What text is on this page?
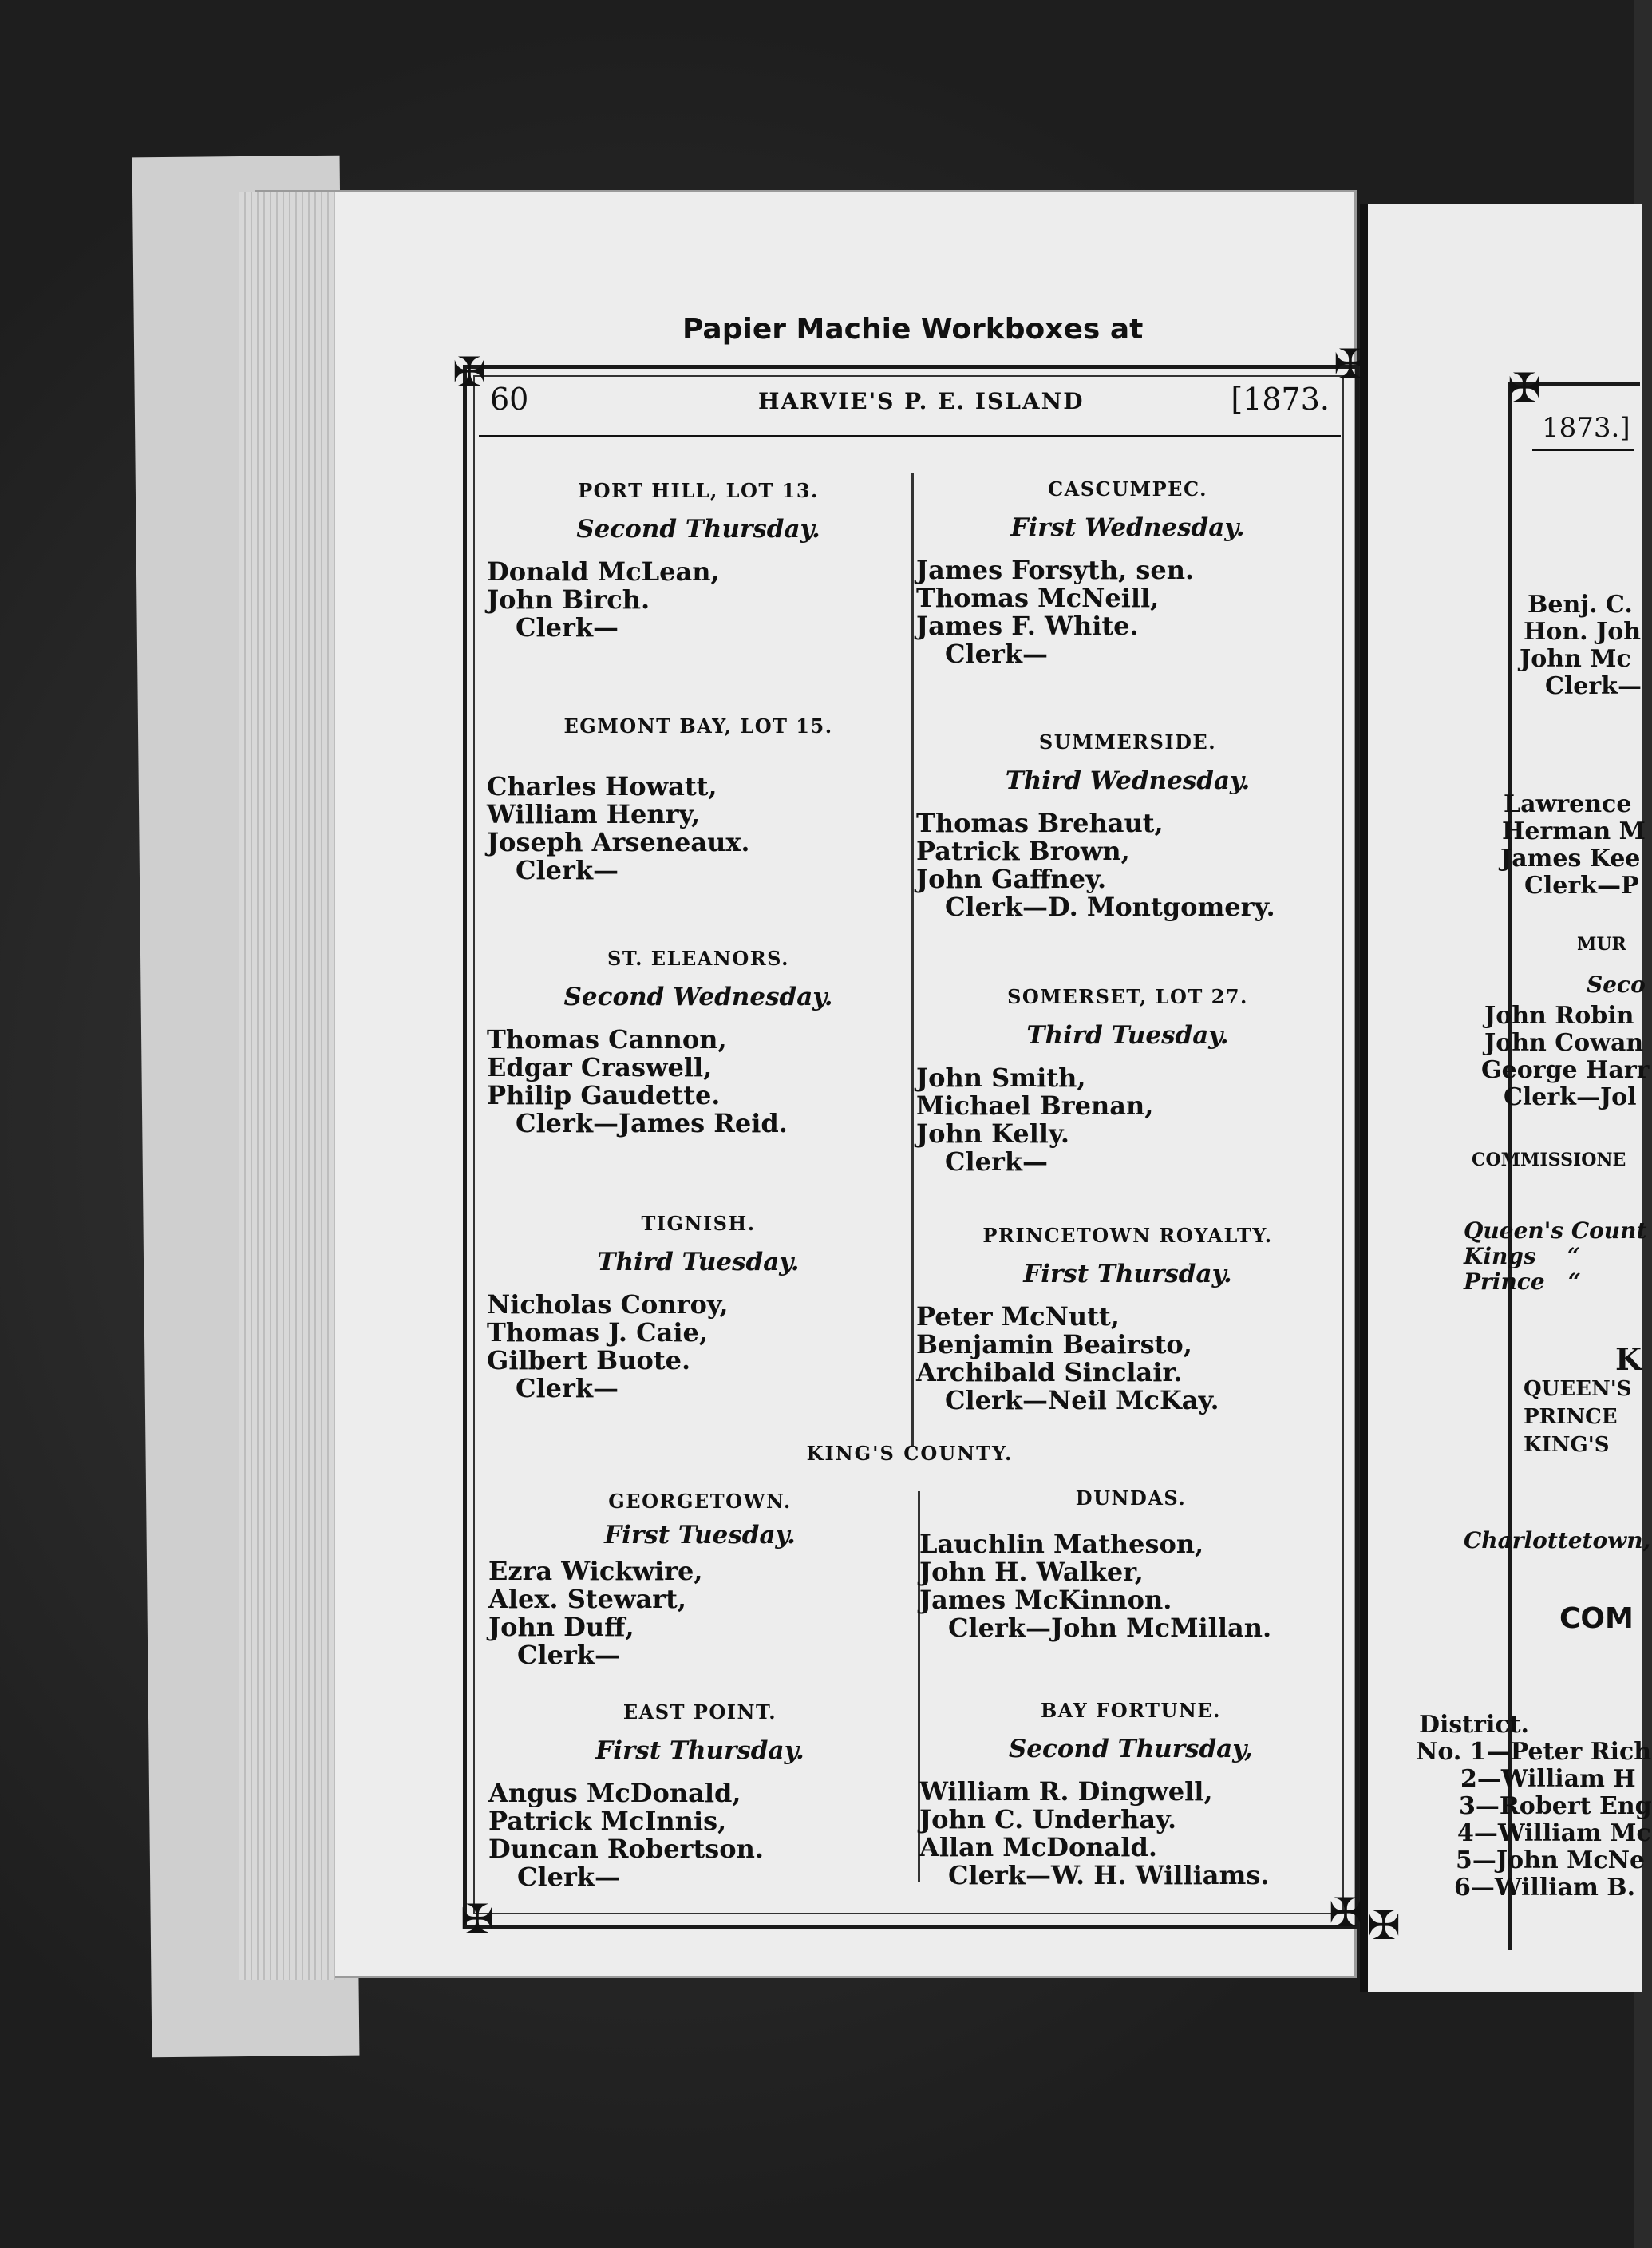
Papier Machie Workboxes at
✠	✠
✠	✠
60	HARVIE'S P. E. ISLAND	[1873.
PORT HILL, LOT 13.
Second Thursday.
Donald McLean,
John Birch.
Clerk—
EGMONT BAY, LOT 15.
Charles Howatt,
William Henry,
Joseph Arseneaux.
Clerk—
ST. ELEANORS.
Second Wednesday.
Thomas Cannon,
Edgar Craswell,
Philip Gaudette.
Clerk—James Reid.
TIGNISH.
Third Tuesday.
Nicholas Conroy,
Thomas J. Caie,
Gilbert Buote.
Clerk—
CASCUMPEC.
First Wednesday.
James Forsyth, sen.
Thomas McNeill,
James F. White.
Clerk—
SUMMERSIDE.
Third Wednesday.
Thomas Brehaut,
Patrick Brown,
John Gaffney.
Clerk—D. Montgomery.
SOMERSET, LOT 27.
Third Tuesday.
John Smith,
Michael Brenan,
John Kelly.
Clerk—
PRINCETOWN ROYALTY.
First Thursday.
Peter McNutt,
Benjamin Beairsto,
Archibald Sinclair.
Clerk—Neil McKay.
KING'S COUNTY.
GEORGETOWN.
First Tuesday.
Ezra Wickwire,
Alex. Stewart,
John Duff,
Clerk—
EAST POINT.
First Thursday.
Angus McDonald,
Patrick McInnis,
Duncan Robertson.
Clerk—
DUNDAS.
Lauchlin Matheson,
John H. Walker,
James McKinnon.
Clerk—John McMillan.
BAY FORTUNE.
Second Thursday,
William R. Dingwell,
John C. Underhay.
Allan McDonald.
Clerk—W. H. Williams.
✠
✠
1873.]
Benj. C.
Hon. Joh
John Mc
Clerk—
Lawrence
Herman M
James Kee
Clerk—P
MUR
Seco
John Robin
John Cowan
George Harr
Clerk—Jol
COMMISSIONE
Queen's Count
Kings    “
Prince   “
K
QUEEN'S
PRINCE
KING'S
Charlottetown,
COM
District.
No. 1—Peter Rich
2—William H
3—Robert Eng
4—William Mc
5—John McNe
6—William B.
